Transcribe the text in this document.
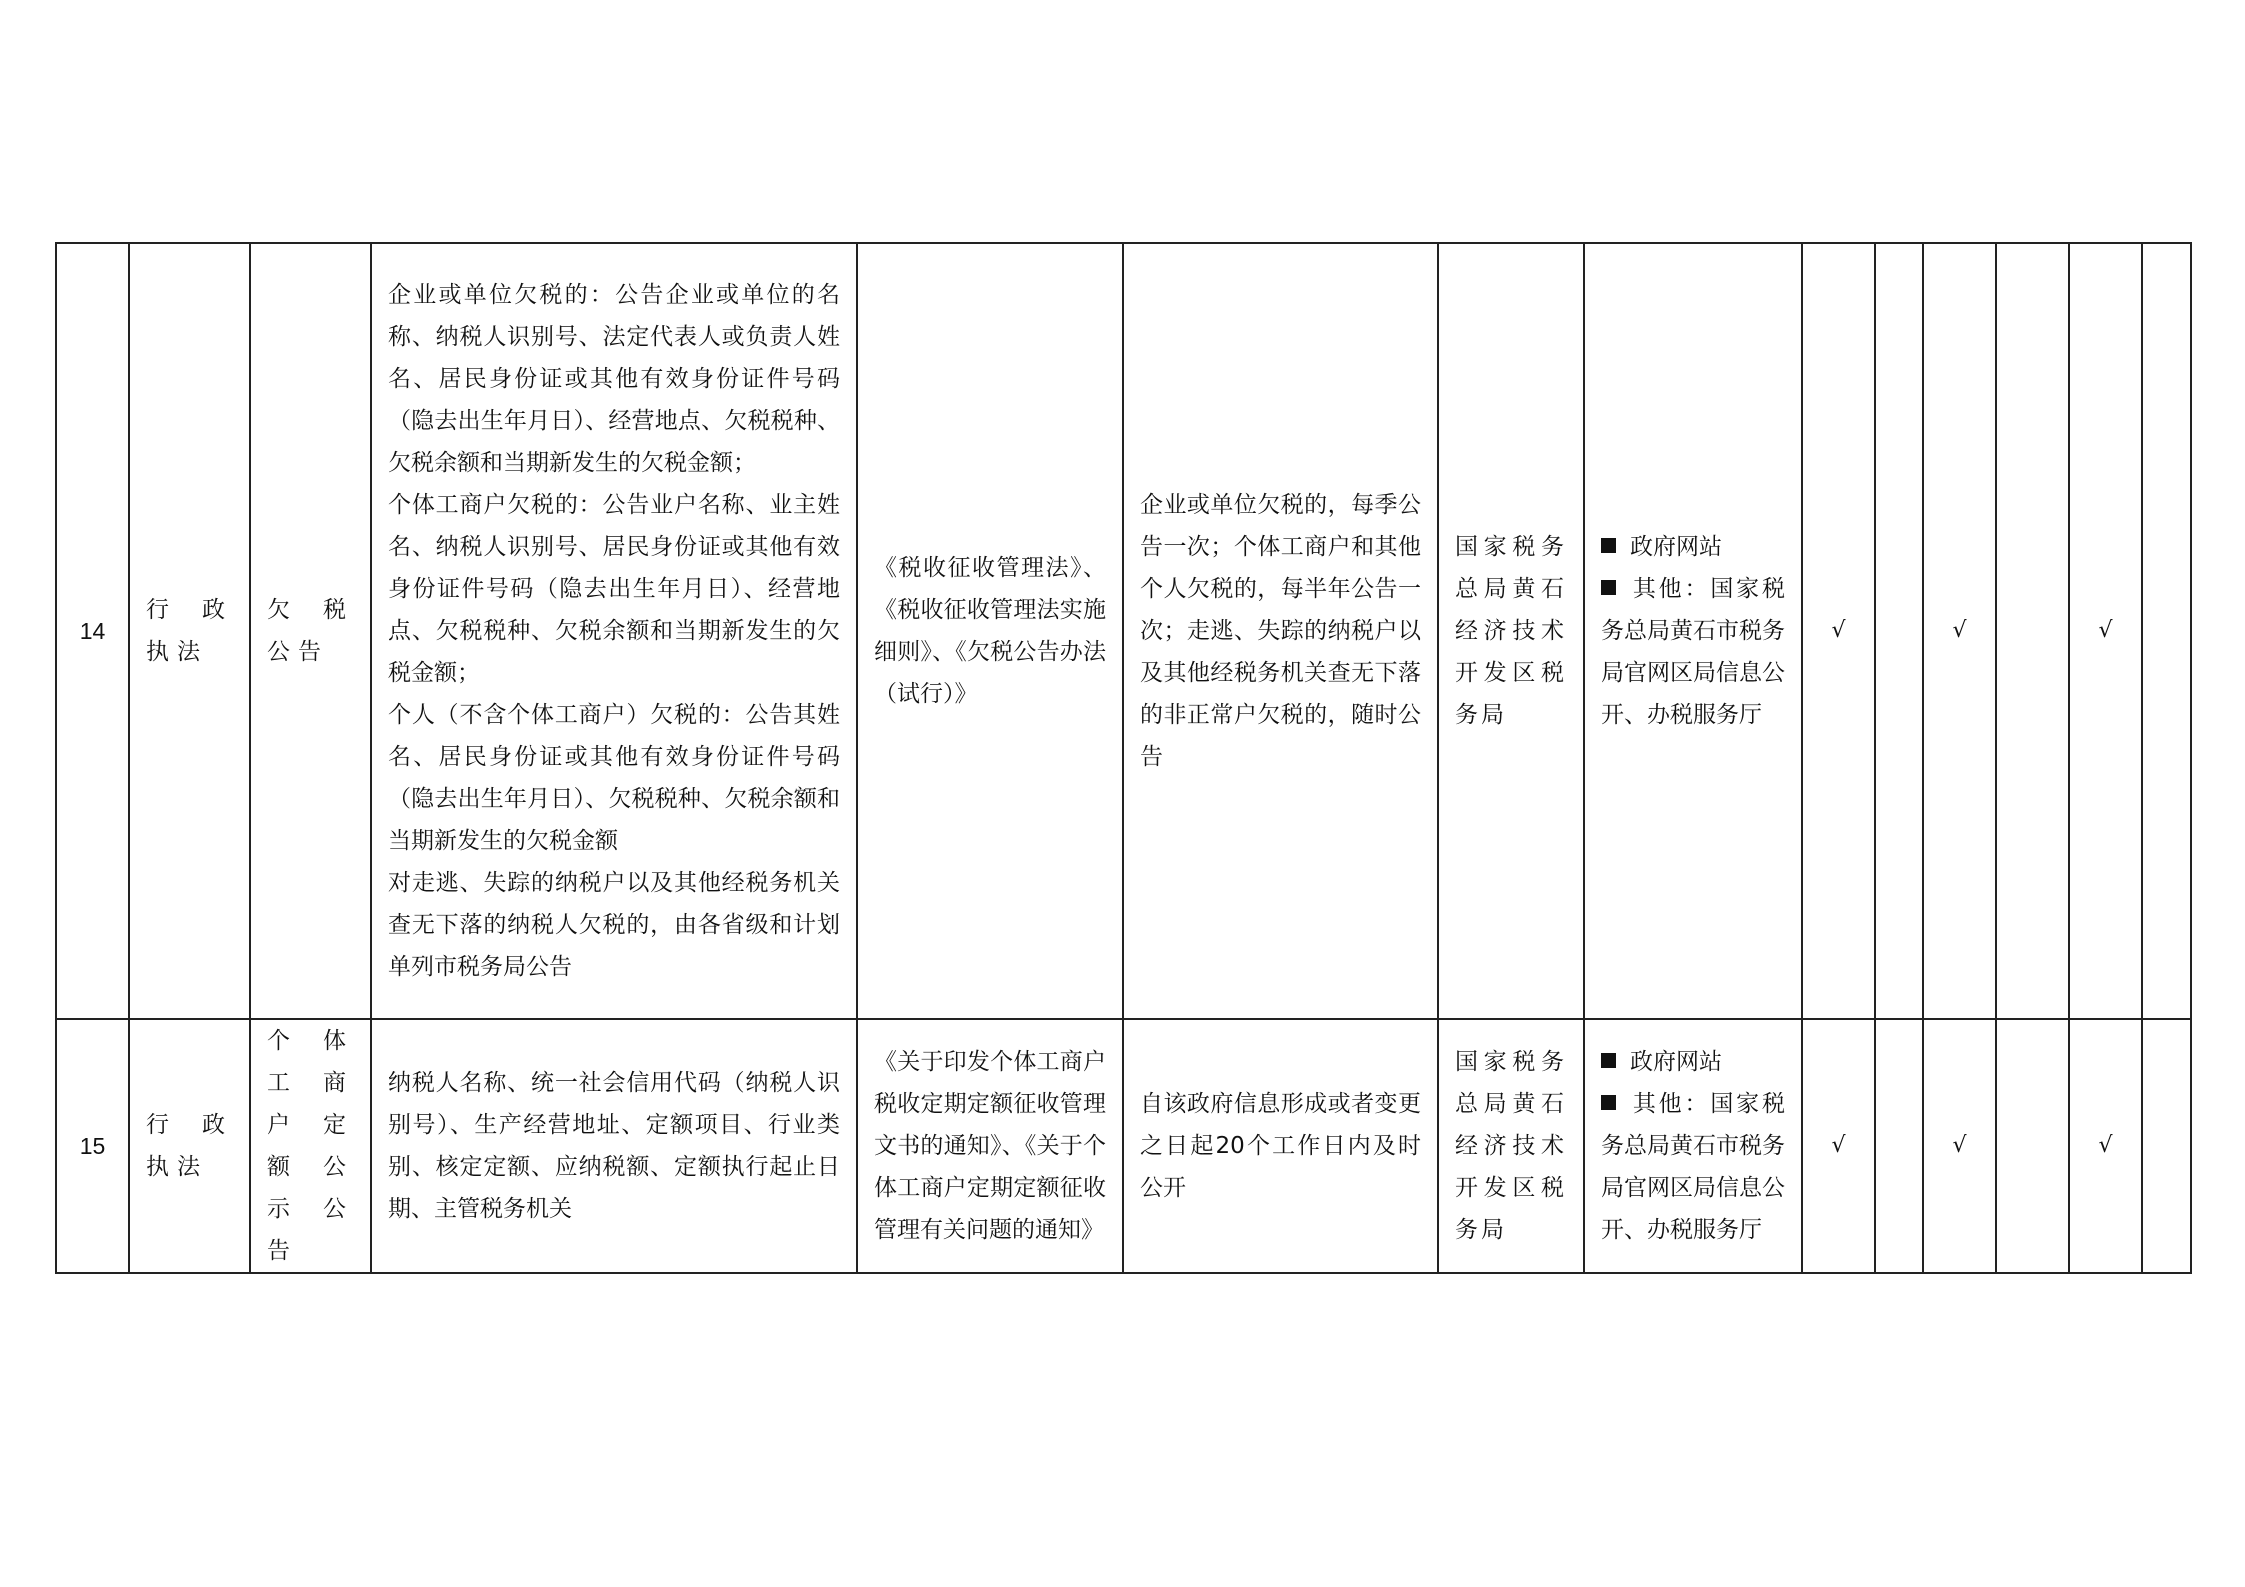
14	行政执法	欠税公告	企业或单位欠税的：公告企业或单位的名称、纳税人识别号、法定代表人或负责人姓名、居民身份证或其他有效身份证件号码（隐去出生年月日）、经营地点、欠税税种、欠税余额和当期新发生的欠税金额；
个体工商户欠税的：公告业户名称、业主姓名、纳税人识别号、居民身份证或其他有效身份证件号码（隐去出生年月日）、经营地点、欠税税种、欠税余额和当期新发生的欠税金额；
个人（不含个体工商户）欠税的：公告其姓名、居民身份证或其他有效身份证件号码（隐去出生年月日）、欠税税种、欠税余额和当期新发生的欠税金额
对走逃、失踪的纳税户以及其他经税务机关查无下落的纳税人欠税的，由各省级和计划单列市税务局公告	《税收征收管理法》、《税收征收管理法实施细则》、《欠税公告办法（试行）》	企业或单位欠税的，每季公告一次；个体工商户和其他个人欠税的，每半年公告一次；走逃、失踪的纳税户以及其他经税务机关查无下落的非正常户欠税的，随时公告	国家税务总局黄石经济技术开发区税务局	政府网站
其他：国家税务总局黄石市税务局官网区局信息公开、办税服务厅	√		√		√	
15	行政执法	个体工商户定额公示公告	纳税人名称、统一社会信用代码（纳税人识别号）、生产经营地址、定额项目、行业类别、核定定额、应纳税额、定额执行起止日期、主管税务机关	《关于印发个体工商户税收定期定额征收管理文书的通知》、《关于个体工商户定期定额征收管理有关问题的通知》	自该政府信息形成或者变更之日起20个工作日内及时公开	国家税务总局黄石经济技术开发区税务局	政府网站
其他：国家税务总局黄石市税务局官网区局信息公开、办税服务厅	√		√		√	
